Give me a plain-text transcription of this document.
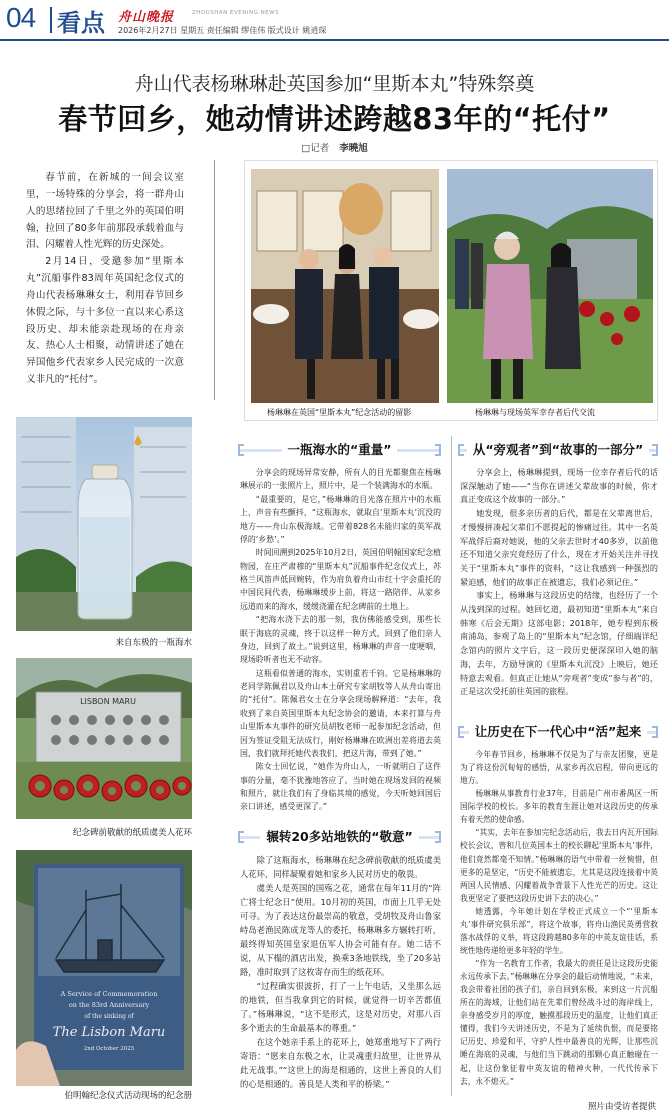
04 看点 舟山晚报	ZHOUSHAN EVENING NEWS
2026年2月27日 星期五 责任编辑 缪佳伟 版式设计 姚逍琛
舟山代表杨琳琳赴英国参加“里斯本丸”特殊祭奠
春节回乡，她动情讲述跨越83年的“托付”
□记者 李曉旭

春节前，在新城的一间会议室里，一场特殊的分享会，将一群舟山人的思绪拉回了千里之外的英国伯明翰，拉回了80多年前那段承载着血与泪、闪耀着人性光辉的历史深处。

2月14日，受邀参加“里斯本丸”沉船事件83周年英国纪念仪式的舟山代表杨琳琳女士，利用春节回乡休假之际，与十多位一直以来心系这段历史、却未能亲赴现场的在舟亲友、热心人士相聚，动情讲述了她在异国他乡代表家乡人民完成的一次意义非凡的“托付”。

来自东极的一瓶海水
LISBON MARU
纪念碑前敬献的纸质虞美人花环
A Service of Commemoration
on the 83rd Anniversary
of the sinking of
The Lisbon Maru
2nd October 2025
伯明翰纪念仪式活动现场的纪念册
杨琳琳在英国“里斯本丸”纪念活动的留影	杨琳琳与现场英军幸存者后代交流
一瓶海水的“重量”

分享会的现场异常安静，所有人的目光都聚焦在杨琳琳展示的一张照片上，照片中，是一个装满海水的水瓶。

“最重要的，是它，”杨琳琳的目光落在照片中的水瓶上，声音有些颤抖，“这瓶海水，就取自‘里斯本丸’沉没的地方——舟山东极海域。它带着828名未能归家的英军战俘的‘乡愁’。”

时间回溯到2025年10月2日，英国伯明翰国家纪念植物园，在庄严肃穆的“里斯本丸”沉船事件纪念仪式上，苏格兰风笛声低回婉转，作为肩负着舟山市红十字会重托的中国民间代表，杨琳琳缓步上前，将这一路陪伴、从家乡远道而来的海水，缓缓浇灌在纪念碑前的土地上。

“把海水浇下去的那一刻，我仿佛能感受到，那些长眠于海底的灵魂，终于以这样一种方式，回到了他们亲人身边，回到了故土。”说到这里，杨琳琳的声音一度哽咽，现场聆听者也无不动容。

这瓶看似普通的海水，实则重若千钧。它是杨琳琳的老同学陈佩君以及舟山本土研究专家胡牧等人从舟山寄出的“托付”。陈佩君女士在分享会现场解释道：“去年，我收到了来自英国里斯本丸纪念协会的邀请，本来打算与舟山里斯本丸事件的研究员胡牧老师一起参加纪念活动，但因为签证受阻无法成行，刚好杨琳琳在欧洲出差将道去英国，我们就拜托她代表我们，把这片海，带到了她。”

陈女士回忆说，“她作为舟山人，一听就明白了这件事的分量，毫不犹豫地答应了。当时她在现场发回的视频和照片，就让我们有了身临其境的感觉，今天听她回国后亲口讲述，感受更深了。”

辗转20多站地铁的“敬意”

除了这瓶海水，杨琳琳在纪念碑前敬献的纸质虞美人花环，同样凝聚着她和家乡人民对历史的敬畏。

虞美人是英国的国殇之花，通常在每年11月的“阵亡将士纪念日”使用。10月初的英国，市面上几乎无处可寻。为了表达这份最崇高的敬意，受胡牧及舟山鲁家峙岛老渔民陈成龙等人的委托，杨琳琳多方辗转打听，最终得知英国皇家退伍军人协会可能有存。她二话不说，从下榻的酒店出发，换乘3条地铁线，坐了20多站路，准时取到了这枚寄存而生的纸花环。

“过程确实很波折，打了一上午电话，又坐那么远的地铁，但当我拿到它的时候，就觉得一切辛苦都值了。”杨琳琳说，“这不是形式，这是对历史，对那八百多个逝去的生命最基本的尊重。”

在这个她亲手系上的花环上，她郑重地写下了两行寄语：“愿来自东极之水，让灵魂重归故里，让世界从此无战事。”“这世上的海是相通的，这世上善良的人们的心是相通的。善良是人类和平的桥梁。”

从“旁观者”到“故事的一部分”

分享会上，杨琳琳提到，现场一位幸存者后代的话深深触动了她——“当你在讲述父辈故事的时候，你才真正变成这个故事的一部分。”

她发现，很多亲历者的后代，都是在父辈离世后，才慢慢拼凑起父辈们不愿提起的惨痛过往。其中一名英军战俘后裔对她说，他的父亲去世时才40多岁，以前他还不知道父亲究竟经历了什么，现在才开始关注并寻找关于“里斯本丸”事件的资料，“这让我感到一种强烈的紧迫感，他们的故事正在被遗忘，我们必须记住。”

事实上，杨琳琳与这段历史的结缘，也经历了一个从浅到深的过程。她回忆道，最初知道“里斯本丸”来自韩寒《后会无期》这部电影；2018年，她专程到东极南浦岛，参观了岛上的“里斯本丸”纪念馆，仔细端详纪念馆内的照片文字后，这一段历史便深深印入她的脑海，去年，方励导演的《里斯本丸沉没》上映后，她还特意去观看。但真正让她从“旁观者”变成“参与者”的，正是这次受托前往英国的旅程。

让历史在下一代心中“活”起来

今年春节回乡，杨琳琳不仅是为了与亲友团聚，更是为了将这份沉甸甸的感悟，从家乡再次启程，带向更远的地方。

杨琳琳从事教育行业37年，目前是广州市番禺区一所国际学校的校长。多年的教育生涯让她对这段历史的传承有着天然的使命感。

“其实，去年在参加完纪念活动后，我去日内瓦开国际校长会议，曾和几位英国本土的校长聊起‘里斯本丸’事件，他们竟然都毫不知情。”杨琳琳的语气中带着一丝惋惜，但更多的是坚定，“历史不能被遗忘，尤其是这段连接着中英两国人民情感、闪耀着战争背景下人性光芒的历史。这让我更坚定了要把这段历史讲下去的决心。”

她透露，今年她计划在学校正式成立一个“‘里斯本丸’事件研究俱乐部”，将这个故事，将舟山渔民英勇营救落水战俘的义举，将这段跨越80多年的中英友谊佳话，系统性地传递给更多年轻的学生。

“作为一名教育工作者，我最大的责任是让这段历史能永远传承下去。”杨琳琳在分享会的最后动情地说，“未来，我会带着社团的孩子们，亲自回到东极，来到这一片沉船所在的海域，让他们站在先辈们曾经战斗过的海岸线上，亲身感受岁月的厚度，触摸那段历史的温度，让他们真正懂得，我们今天讲述历史，不是为了延续仇恨，而是要铭记历史、珍爱和平，守护人性中最善良的光辉，让那些沉睡在海底的灵魂，与他们当下跳动的那颗心真正触碰在一起，让这份象征着中英友谊的精神火种，一代代传承下去，永不熄灭。”

照片由受访者提供
